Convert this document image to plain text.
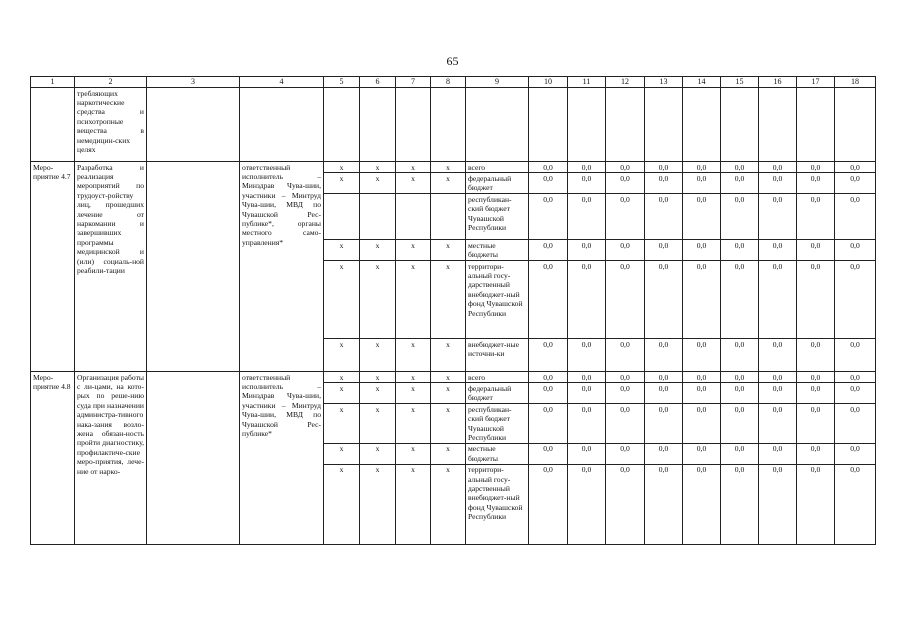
65
1	2	3	4	5	6	7	8	9	10	11	12	13	14	15	16	17	18
	требляющих наркотические средства и психотропные вещества в немедицин-ских целях																
Меро-приятие 4.7	Разработка и реализация мероприятий по трудоуст-ройству лиц, прошедших лечение от наркомании и завершивших программы медицинской и (или) социаль-ной реабили-тации		ответственный исполнитель – Минздрав Чува-шии, участники – Минтруд Чува-шии, МВД по Чувашской Рес-публике*, органы местного само-управления*	x	x	x	x	всего	0,0	0,0	0,0	0,0	0,0	0,0	0,0	0,0	0,0
				x	x	x	x	федеральный бюджет	0,0	0,0	0,0	0,0	0,0	0,0	0,0	0,0	0,0
								республикан-ский бюджет Чувашской Республики	0,0	0,0	0,0	0,0	0,0	0,0	0,0	0,0	0,0
				x	x	x	x	местные бюджеты	0,0	0,0	0,0	0,0	0,0	0,0	0,0	0,0	0,0
				x	x	x	x	территори-альный госу-дарственный внебюджет-ный фонд Чувашской Республики	0,0	0,0	0,0	0,0	0,0	0,0	0,0	0,0	0,0
				x	x	x	x	внебюджет-ные источни-ки	0,0	0,0	0,0	0,0	0,0	0,0	0,0	0,0	0,0
Меро-приятие 4.8	Организация работы с ли-цами, на кото-рых по реше-нию суда при назначении администра-тивного нака-зания возло-жена обязан-ность пройти диагностику, профилактиче-ские меро-приятия, лече-ние от нарко-		ответственный исполнитель – Минздрав Чува-шии, участники – Минтруд Чува-шии, МВД по Чувашской Рес-публике*	x	x	x	x	всего	0,0	0,0	0,0	0,0	0,0	0,0	0,0	0,0	0,0
				x	x	x	x	федеральный бюджет	0,0	0,0	0,0	0,0	0,0	0,0	0,0	0,0	0,0
				x	x	x	x	республикан-ский бюджет Чувашской Республики	0,0	0,0	0,0	0,0	0,0	0,0	0,0	0,0	0,0
				x	x	x	x	местные бюджеты	0,0	0,0	0,0	0,0	0,0	0,0	0,0	0,0	0,0
				x	x	x	x	территори-альный госу-дарственный внебюджет-ный фонд Чувашской Республики	0,0	0,0	0,0	0,0	0,0	0,0	0,0	0,0	0,0
